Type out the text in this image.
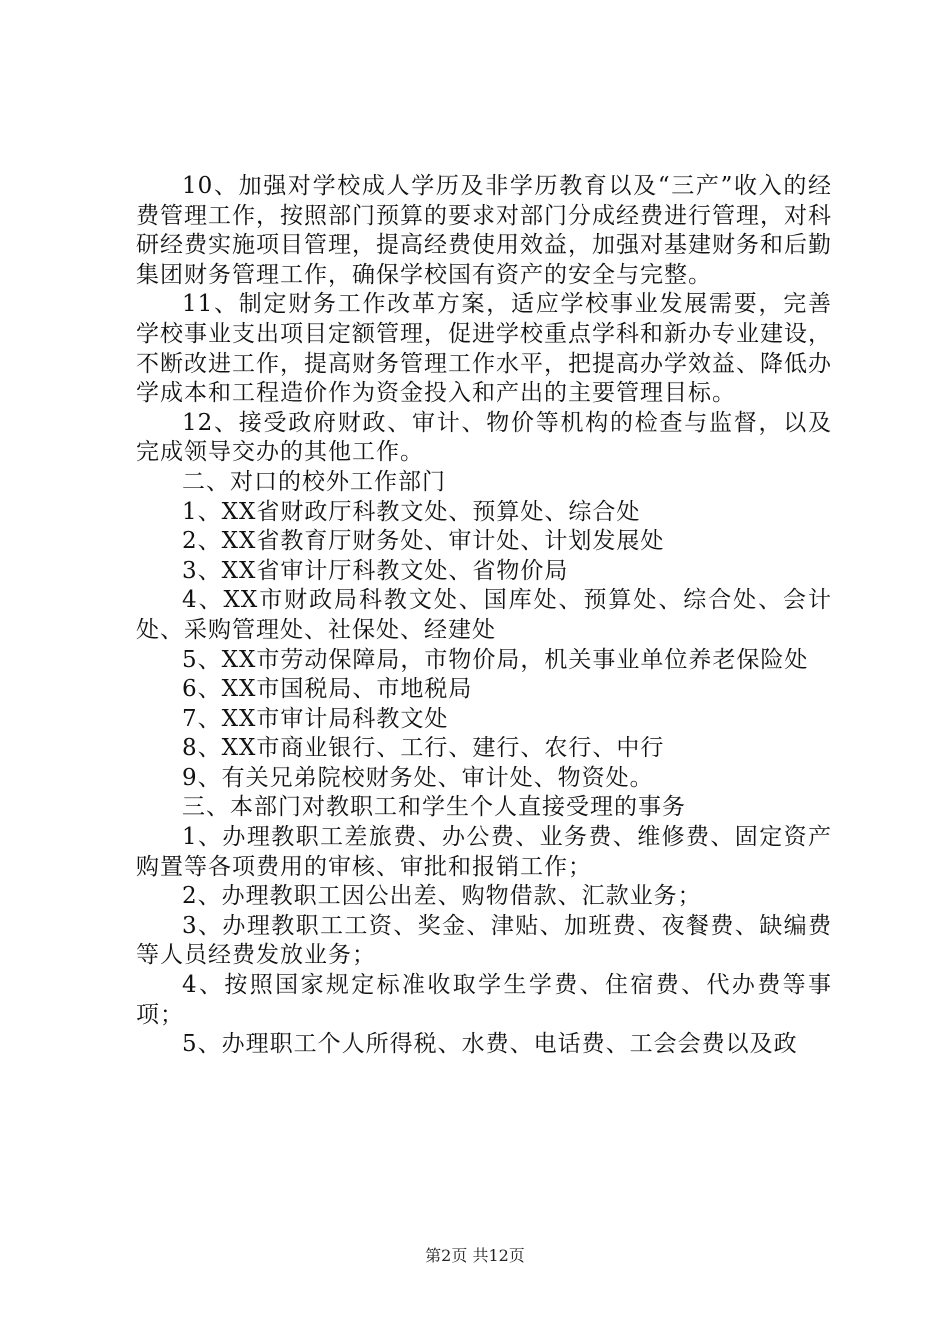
10、加强对学校成人学历及非学历教育以及“三产”收入的经费管理工作，按照部门预算的要求对部门分成经费进行管理，对科研经费实施项目管理，提高经费使用效益，加强对基建财务和后勤集团财务管理工作，确保学校国有资产的安全与完整。

11、制定财务工作改革方案，适应学校事业发展需要，完善学校事业支出项目定额管理，促进学校重点学科和新办专业建设，不断改进工作，提高财务管理工作水平，把提高办学效益、降低办学成本和工程造价作为资金投入和产出的主要管理目标。

12、接受政府财政、审计、物价等机构的检查与监督，以及完成领导交办的其他工作。

二、对口的校外工作部门

1、XX省财政厅科教文处、预算处、综合处

2、XX省教育厅财务处、审计处、计划发展处

3、XX省审计厅科教文处、省物价局

4、XX市财政局科教文处、国库处、预算处、综合处、会计处、采购管理处、社保处、经建处

5、XX市劳动保障局，市物价局，机关事业单位养老保险处

6、XX市国税局、市地税局

7、XX市审计局科教文处

8、XX市商业银行、工行、建行、农行、中行

9、有关兄弟院校财务处、审计处、物资处。

三、本部门对教职工和学生个人直接受理的事务

1、办理教职工差旅费、办公费、业务费、维修费、固定资产购置等各项费用的审核、审批和报销工作；

2、办理教职工因公出差、购物借款、汇款业务；

3、办理教职工工资、奖金、津贴、加班费、夜餐费、缺编费等人员经费发放业务；

4、按照国家规定标准收取学生学费、住宿费、代办费等事项；

5、办理职工个人所得税、水费、电话费、工会会费以及政

第2页 共12页
